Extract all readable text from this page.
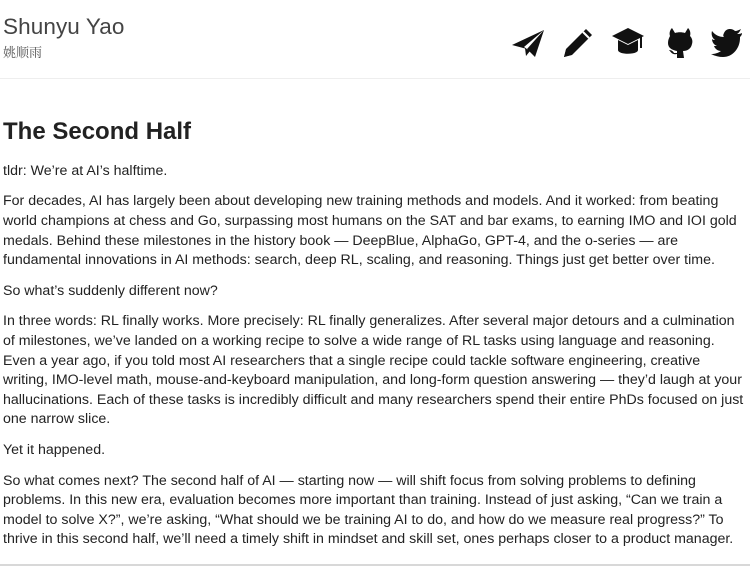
Shunyu Yao
姚顺雨
The Second Half

tldr: We’re at AI’s halftime.

For decades, AI has largely been about developing new training methods and models. And it worked: from beating world champions at chess and Go, surpassing most humans on the SAT and bar exams, to earning IMO and IOI gold medals. Behind these milestones in the history book — DeepBlue, AlphaGo, GPT-4, and the o-series — are fundamental innovations in AI methods: search, deep RL, scaling, and reasoning. Things just get better over time.

So what’s suddenly different now?

In three words: RL finally works. More precisely: RL finally generalizes. After several major detours and a culmination of milestones, we’ve landed on a working recipe to solve a wide range of RL tasks using language and reasoning. Even a year ago, if you told most AI researchers that a single recipe could tackle software engineering, creative writing, IMO-level math, mouse-and-keyboard manipulation, and long-form question answering — they’d laugh at your hallucinations. Each of these tasks is incredibly difficult and many researchers spend their entire PhDs focused on just one narrow slice.

Yet it happened.

So what comes next? The second half of AI — starting now — will shift focus from solving problems to defining problems. In this new era, evaluation becomes more important than training. Instead of just asking, “Can we train a model to solve X?”, we’re asking, “What should we be training AI to do, and how do we measure real progress?” To thrive in this second half, we’ll need a timely shift in mindset and skill set, ones perhaps closer to a product manager.
